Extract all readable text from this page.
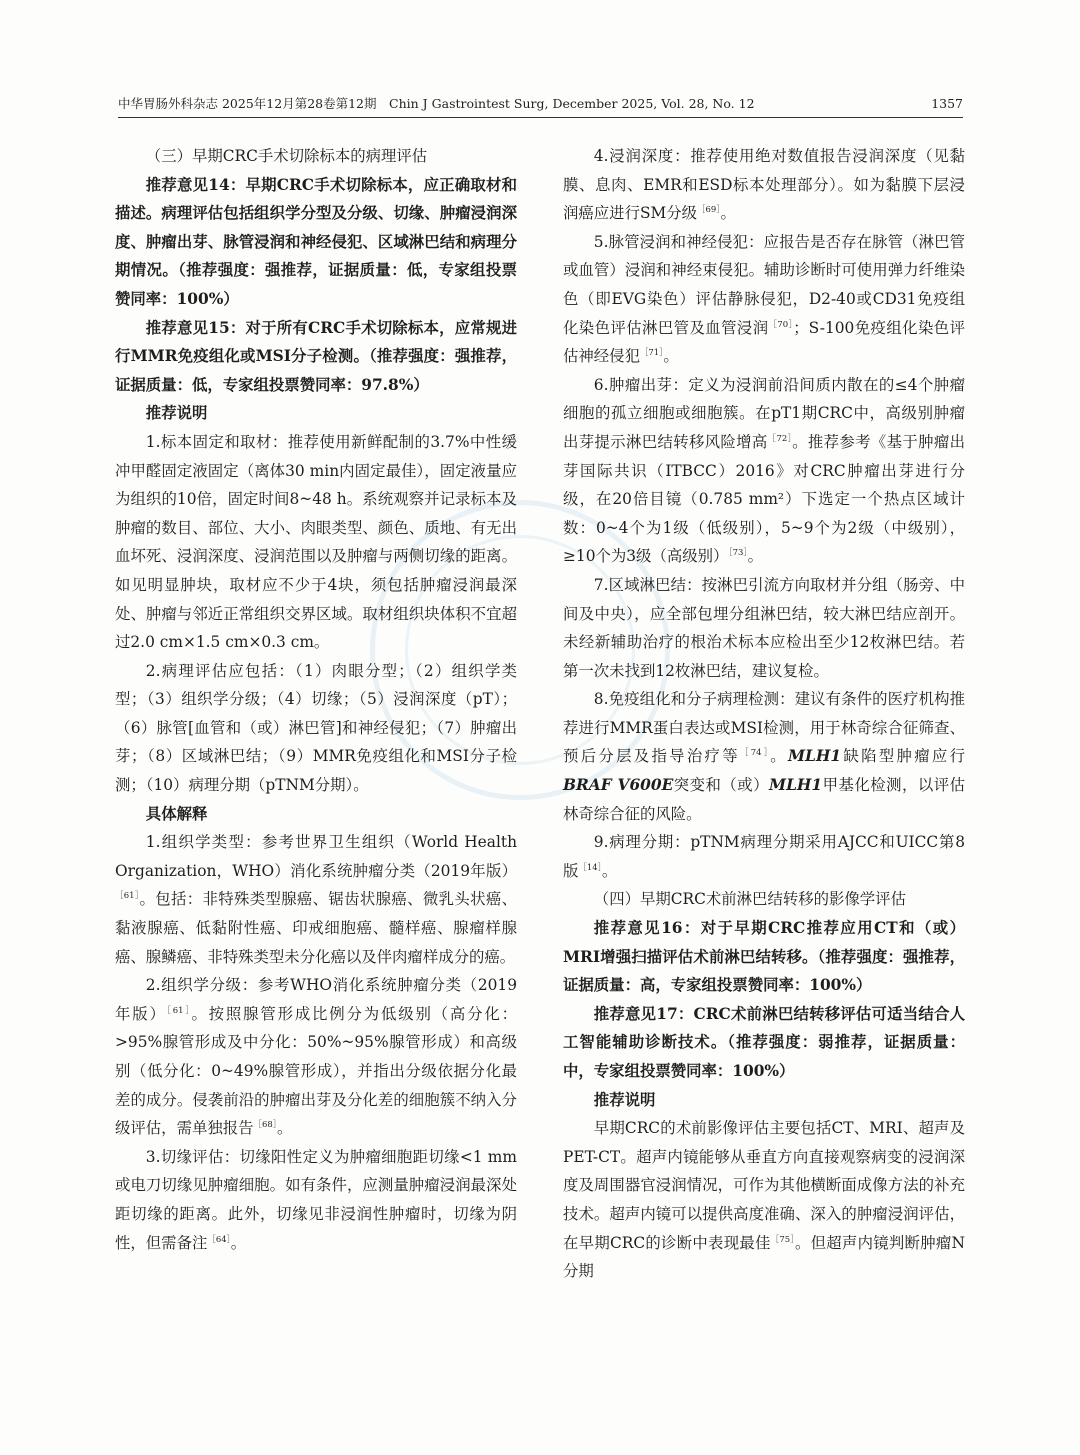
中华胃肠外科杂志 2025年12月第28卷第12期　 Chin J Gastrointest Surg, December 2025, Vol. 28, No. 12	1357

（三）早期CRC手术切除标本的病理评估

推荐意见14：早期CRC手术切除标本，应正确取材和描述。病理评估包括组织学分型及分级、切缘、肿瘤浸润深度、肿瘤出芽、脉管浸润和神经侵犯、区域淋巴结和病理分期情况。（推荐强度：强推荐，证据质量：低，专家组投票赞同率：100%）

推荐意见15：对于所有CRC手术切除标本，应常规进行MMR免疫组化或MSI分子检测。（推荐强度：强推荐，证据质量：低，专家组投票赞同率：97.8%）

推荐说明

1.标本固定和取材：推荐使用新鲜配制的3.7%中性缓冲甲醛固定液固定（离体30 min内固定最佳），固定液量应为组织的10倍，固定时间8~48 h。系统观察并记录标本及肿瘤的数目、部位、大小、肉眼类型、颜色、质地、有无出血坏死、浸润深度、浸润范围以及肿瘤与两侧切缘的距离。如见明显肿块，取材应不少于4块，须包括肿瘤浸润最深处、肿瘤与邻近正常组织交界区域。取材组织块体积不宜超过2.0 cm×1.5 cm×0.3 cm。

2.病理评估应包括：（1）肉眼分型；（2）组织学类型；（3）组织学分级；（4）切缘；（5）浸润深度（pT）；（6）脉管[血管和（或）淋巴管]和神经侵犯；（7）肿瘤出芽；（8）区域淋巴结；（9）MMR免疫组化和MSI分子检测；（10）病理分期（pTNM分期）。

具体解释

1.组织学类型：参考世界卫生组织（World Health Organization，WHO）消化系统肿瘤分类（2019年版）$^{[61]}$。包括：非特殊类型腺癌、锯齿状腺癌、微乳头状癌、黏液腺癌、低黏附性癌、印戒细胞癌、髓样癌、腺瘤样腺癌、腺鳞癌、非特殊类型未分化癌以及伴肉瘤样成分的癌。

2.组织学分级：参考WHO消化系统肿瘤分类（2019年版）$^{[61]}$。按照腺管形成比例分为低级别（高分化：>95%腺管形成及中分化：50%~95%腺管形成）和高级别（低分化：0~49%腺管形成），并指出分级依据分化最差的成分。侵袭前沿的肿瘤出芽及分化差的细胞簇不纳入分级评估，需单独报告$^{[68]}$。

3.切缘评估：切缘阳性定义为肿瘤细胞距切缘<1 mm或电刀切缘见肿瘤细胞。如有条件，应测量肿瘤浸润最深处距切缘的距离。此外，切缘见非浸润性肿瘤时，切缘为阴性，但需备注$^{[64]}$。

4.浸润深度：推荐使用绝对数值报告浸润深度（见黏膜、息肉、EMR和ESD标本处理部分）。如为黏膜下层浸润癌应进行SM分级$^{[69]}$。

5.脉管浸润和神经侵犯：应报告是否存在脉管（淋巴管或血管）浸润和神经束侵犯。辅助诊断时可使用弹力纤维染色（即EVG染色）评估静脉侵犯，D2-40或CD31免疫组化染色评估淋巴管及血管浸润$^{[70]}$；S-100免疫组化染色评估神经侵犯$^{[71]}$。

6.肿瘤出芽：定义为浸润前沿间质内散在的≤4个肿瘤细胞的孤立细胞或细胞簇。在pT1期CRC中，高级别肿瘤出芽提示淋巴结转移风险增高$^{[72]}$。推荐参考《基于肿瘤出芽国际共识（ITBCC）2016》对CRC肿瘤出芽进行分级，在20倍目镜（0.785 mm²）下选定一个热点区域计数：0~4个为1级（低级别），5~9个为2级（中级别），≥10个为3级（高级别）$^{[73]}$。

7.区域淋巴结：按淋巴引流方向取材并分组（肠旁、中间及中央），应全部包埋分组淋巴结，较大淋巴结应剖开。未经新辅助治疗的根治术标本应检出至少12枚淋巴结。若第一次未找到12枚淋巴结，建议复检。

8.免疫组化和分子病理检测：建议有条件的医疗机构推荐进行MMR蛋白表达或MSI检测，用于林奇综合征筛查、预后分层及指导治疗等$^{[74]}$。MLH1缺陷型肿瘤应行BRAF V600E突变和（或）MLH1甲基化检测，以评估林奇综合征的风险。

9.病理分期：pTNM病理分期采用AJCC和UICC第8版$^{[14]}$。

（四）早期CRC术前淋巴结转移的影像学评估

推荐意见16：对于早期CRC推荐应用CT和（或）MRI增强扫描评估术前淋巴结转移。（推荐强度：强推荐，证据质量：高，专家组投票赞同率：100%）

推荐意见17：CRC术前淋巴结转移评估可适当结合人工智能辅助诊断技术。（推荐强度：弱推荐，证据质量：中，专家组投票赞同率：100%）

推荐说明

早期CRC的术前影像评估主要包括CT、MRI、超声及PET-CT。超声内镜能够从垂直方向直接观察病变的浸润深度及周围器官浸润情况，可作为其他横断面成像方法的补充技术。超声内镜可以提供高度准确、深入的肿瘤浸润评估，在早期CRC的诊断中表现最佳$^{[75]}$。但超声内镜判断肿瘤N分期
